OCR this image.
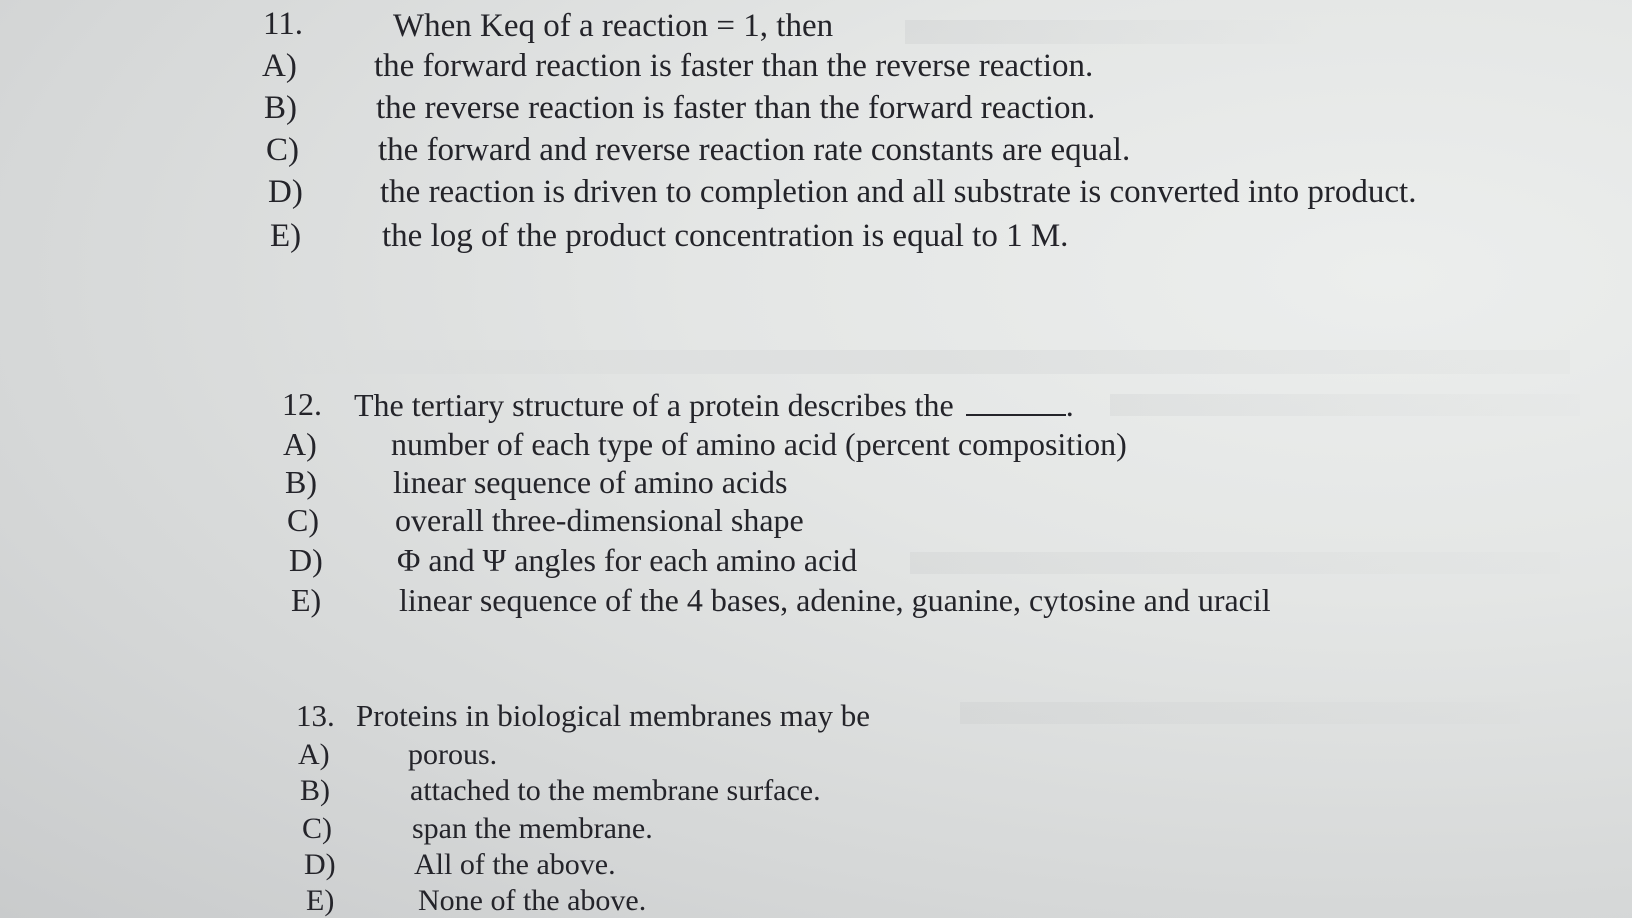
11.	When Keq of a reaction = 1, then
A) the forward reaction is faster than the reverse reaction.
B) the reverse reaction is faster than the forward reaction.
C) the forward and reverse reaction rate constants are equal.
D) the reaction is driven to completion and all substrate is converted into product.
E) the log of the product concentration is equal to 1 M.
12. The tertiary structure of a protein describes the	.
A) number of each type of amino acid (percent composition)
B) linear sequence of amino acids
C) overall three-dimensional shape
D) Φ and Ψ angles for each amino acid
E) linear sequence of the 4 bases, adenine, guanine, cytosine and uracil
13. Proteins in biological membranes may be
A)	porous.
B)	attached to the membrane surface.
C)	span the membrane.
D)	All of the above.
E)	None of the above.
